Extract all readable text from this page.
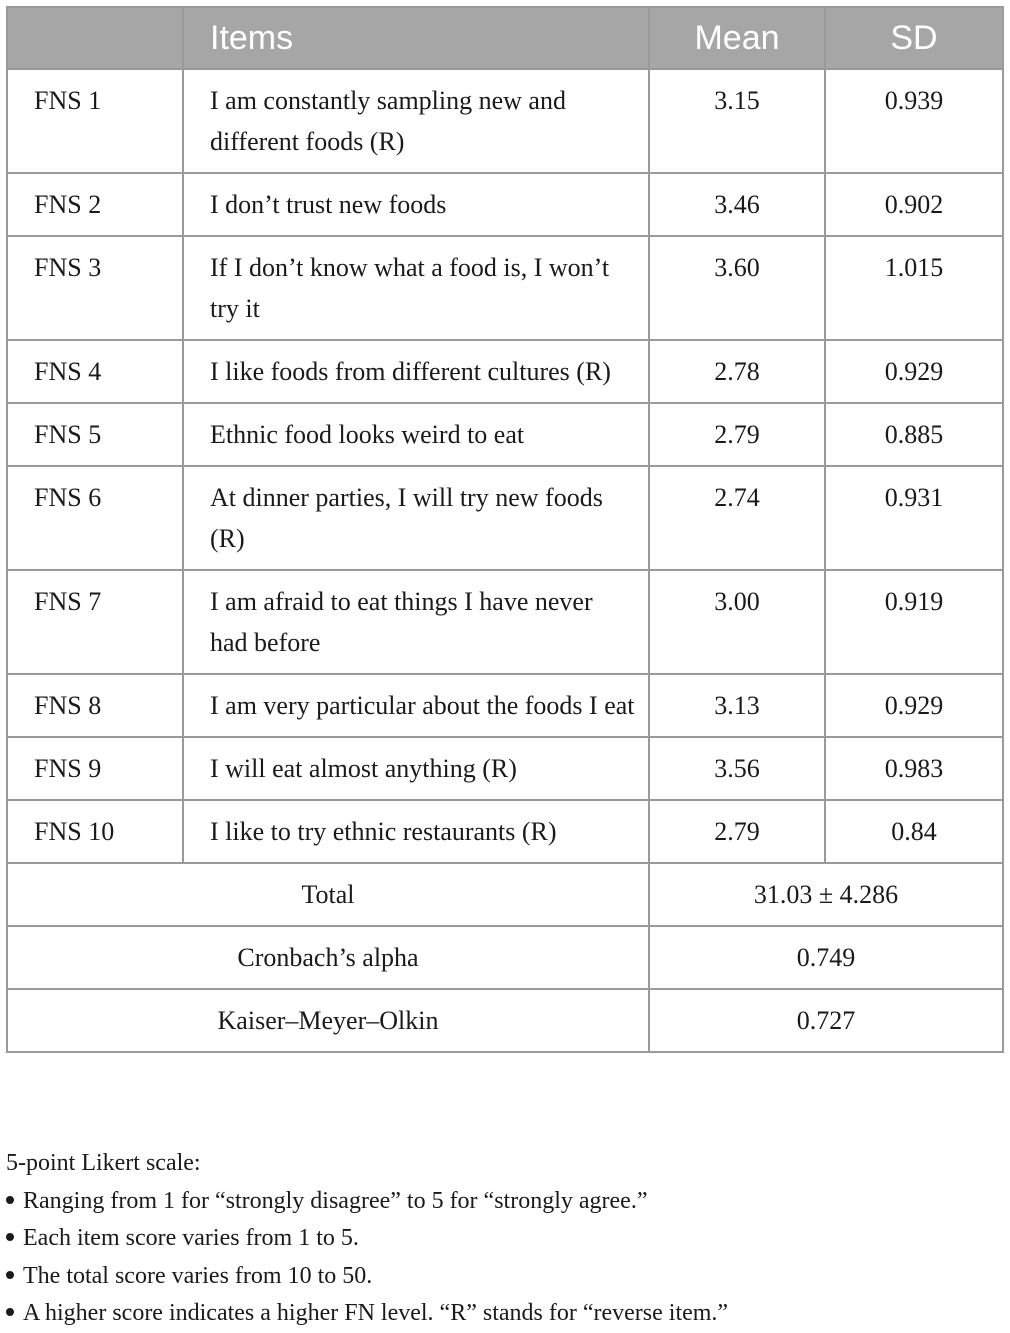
	Items	Mean	SD
FNS 1	I am constantly sampling new and different foods (R)	3.15	0.939
FNS 2	I don’t trust new foods	3.46	0.902
FNS 3	If I don’t know what a food is, I won’t try it	3.60	1.015
FNS 4	I like foods from different cultures (R)	2.78	0.929
FNS 5	Ethnic food looks weird to eat	2.79	0.885
FNS 6	At dinner parties, I will try new foods (R)	2.74	0.931
FNS 7	I am afraid to eat things I have never had before	3.00	0.919
FNS 8	I am very particular about the foods I eat	3.13	0.929
FNS 9	I will eat almost anything (R)	3.56	0.983
FNS 10	I like to try ethnic restaurants (R)	2.79	0.84
Total		31.03 ± 4.286	
Cronbach’s alpha		0.749	
Kaiser–Meyer–Olkin		0.727	
5-point Likert scale:
Ranging from 1 for “strongly disagree” to 5 for “strongly agree.”
Each item score varies from 1 to 5.
The total score varies from 10 to 50.
A higher score indicates a higher FN level. “R” stands for “reverse item.”
